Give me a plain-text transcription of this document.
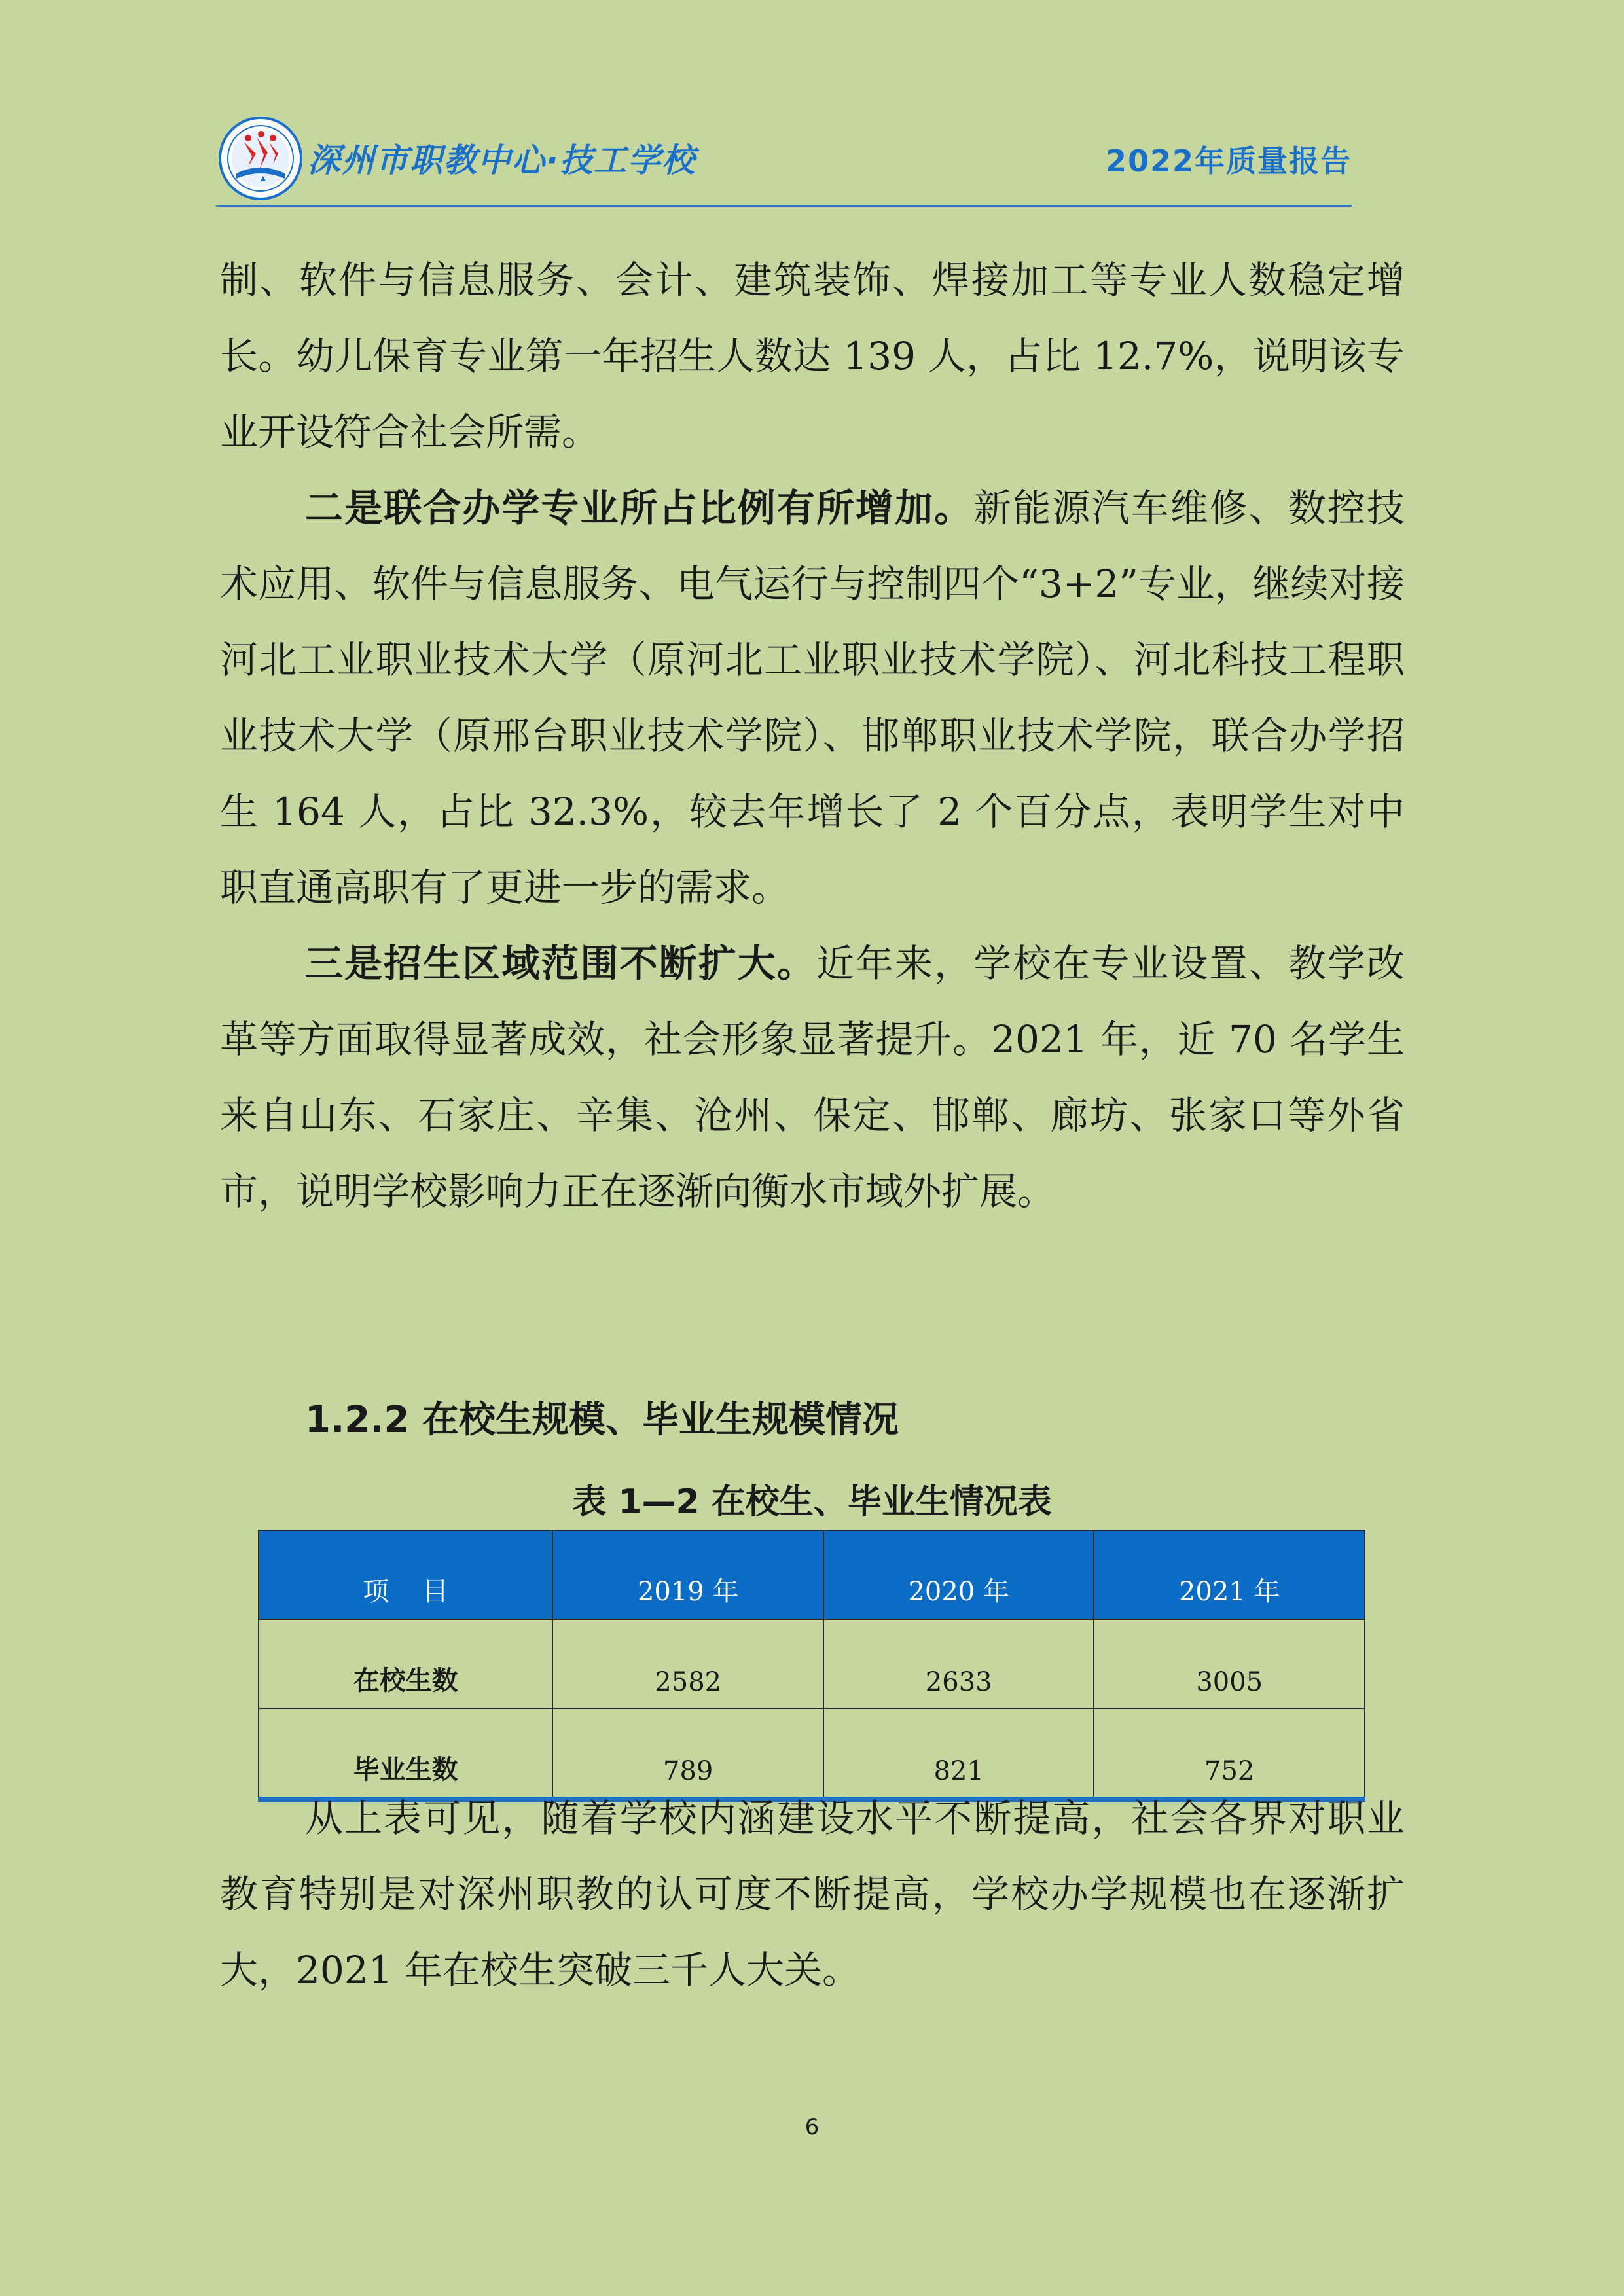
深州市职教中心·技工学校	2022年质量报告

制、软件与信息服务、会计、建筑装饰、焊接加工等专业人数稳定增长。幼儿保育专业第一年招生人数达 139 人，占比 12.7%，说明该专业开设符合社会所需。

二是联合办学专业所占比例有所增加。新能源汽车维修、数控技术应用、软件与信息服务、电气运行与控制四个“3+2”专业，继续对接河北工业职业技术大学（原河北工业职业技术学院）、河北科技工程职业技术大学（原邢台职业技术学院）、邯郸职业技术学院，联合办学招生 164 人，占比 32.3%，较去年增长了 2 个百分点，表明学生对中职直通高职有了更进一步的需求。

三是招生区域范围不断扩大。近年来，学校在专业设置、教学改革等方面取得显著成效，社会形象显著提升。2021 年，近 70 名学生来自山东、石家庄、辛集、沧州、保定、邯郸、廊坊、张家口等外省市，说明学校影响力正在逐渐向衡水市域外扩展。

1.2.2 在校生规模、毕业生规模情况
表 1—2 在校生、毕业生情况表
项    目	2019 年	2020 年	2021 年
在校生数	2582	2633	3005
毕业生数	789	821	752

从上表可见，随着学校内涵建设水平不断提高，社会各界对职业教育特别是对深州职教的认可度不断提高，学校办学规模也在逐渐扩大，2021 年在校生突破三千人大关。

6
